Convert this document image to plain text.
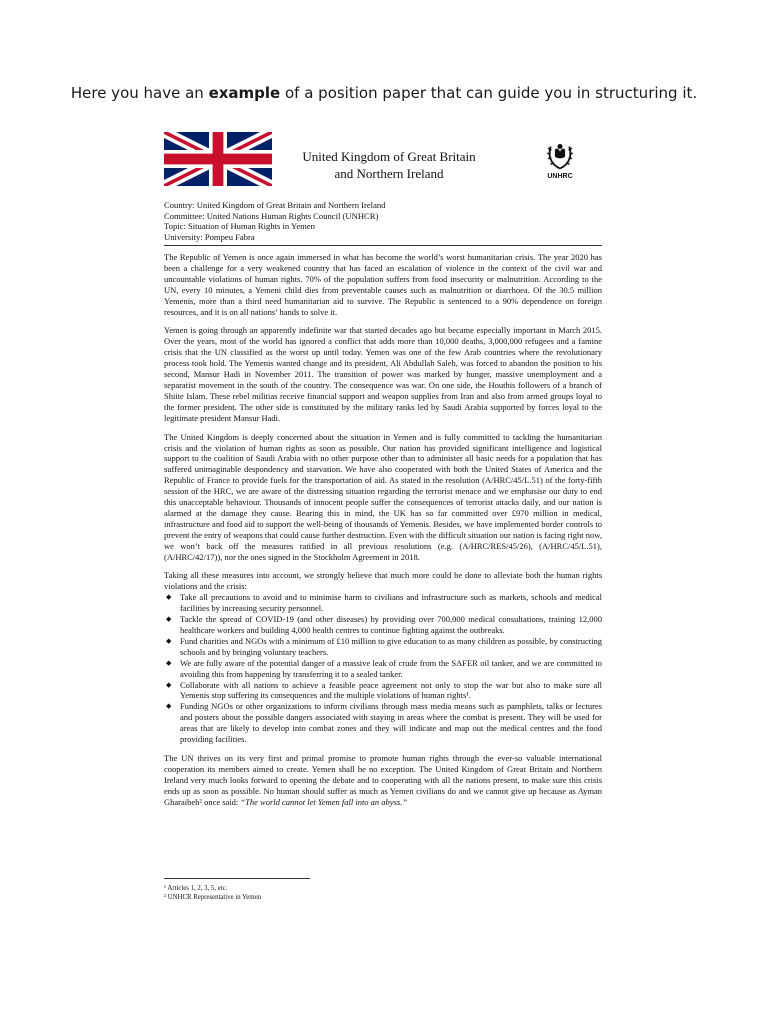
Here you have an example of a position paper that can guide you in structuring it.

United Kingdom of Great Britain
and Northern Ireland	UNHRC
Country: United Kingdom of Great Britain and Northern Ireland
Committee: United Nations Human Rights Council (UNHCR)
Topic: Situation of Human Rights in Yemen
University: Pompeu Fabra

The Republic of Yemen is once again immersed in what has become the world’s worst humanitarian crisis. The year 2020 has been a challenge for a very weakened country that has faced an escalation of violence in the context of the civil war and uncountable violations of human rights. 70% of the population suffers from food insecurity or malnutrition. According to the UN, every 10 minutes, a Yemeni child dies from preventable causes such as malnutrition or diarrhoea. Of the 30.5 million Yemenis, more than a third need humanitarian aid to survive. The Republic is sentenced to a 90% dependence on foreign resources, and it is on all nations’ hands to solve it.

Yemen is going through an apparently indefinite war that started decades ago but became especially important in March 2015. Over the years, most of the world has ignored a conflict that adds more than 10,000 deaths, 3,000,000 refugees and a famine crisis that the UN classified as the worst up until today. Yemen was one of the few Arab countries where the revolutionary process took hold. The Yemenis wanted change and its president, Ali Abdullah Saleh, was forced to abandon the position to his second, Mansur Hadi in November 2011. The transition of power was marked by hunger, massive unemployment and a separatist movement in the south of the country. The consequence was war. On one side, the Houthis followers of a branch of Shiite Islam. These rebel militias receive financial support and weapon supplies from Iran and also from armed groups loyal to the former president. The other side is constituted by the military ranks led by Saudi Arabia supported by forces loyal to the legitimate president Mansur Hadi.

The United Kingdom is deeply concerned about the situation in Yemen and is fully committed to tackling the humanitarian crisis and the violation of human rights as soon as possible. Our nation has provided significant intelligence and logistical support to the coalition of Saudi Arabia with no other purpose other than to administer all basic needs for a population that has suffered unimaginable despondency and starvation. We have also cooperated with both the United States of America and the Republic of France to provide fuels for the transportation of aid. As stated in the resolution (A/HRC/45/L.51) of the forty-fifth session of the HRC, we are aware of the distressing situation regarding the terrorist menace and we emphasise our duty to end this unacceptable behaviour. Thousands of innocent people suffer the consequences of terrorist attacks daily, and our nation is alarmed at the damage they cause. Bearing this in mind, the UK has so far committed over £970 million in medical, infrastructure and food aid to support the well-being of thousands of Yemenis. Besides, we have implemented border controls to prevent the entry of weapons that could cause further destruction. Even with the difficult situation our nation is facing right now, we won’t back off the measures ratified in all previous resolutions (e.g. (A/HRC/RES/45/26), (A/HRC/45/L.51), (A/HRC/42/17)), nor the ones signed in the Stockholm Agreement in 2018.

Taking all these measures into account, we strongly believe that much more could be done to alleviate both the human rights violations and the crisis:

◆ Take all precautions to avoid and to minimise harm to civilians and infrastructure such as markets, schools and medical facilities by increasing security personnel.
◆ Tackle the spread of COVID-19 (and other diseases) by providing over 700,000 medical consultations, training 12,000 healthcare workers and building 4,000 health centres to continue fighting against the outbreaks.
◆ Fund charities and NGOs with a minimum of £10 million to give education to as many children as possible, by constructing schools and by bringing voluntary teachers.
◆ We are fully aware of the potential danger of a massive leak of crude from the SAFER oil tanker, and we are committed to avoiding this from happening by transferring it to a sealed tanker.
◆ Collaborate with all nations to achieve a feasible peace agreement not only to stop the war but also to make sure all Yemenis stop suffering its consequences and the multiple violations of human rights¹.
◆ Funding NGOs or other organizations to inform civilians through mass media means such as pamphlets, talks or lectures and posters about the possible dangers associated with staying in areas where the combat is present. They will be used for areas that are likely to develop into combat zones and they will indicate and map out the medical centres and the food providing facilities.

The UN thrives on its very first and primal promise to promote human rights through the ever-so valuable international cooperation its members aimed to create. Yemen shall be no exception. The United Kingdom of Great Britain and Northern Ireland very much looks forward to opening the debate and to cooperating with all the nations present, to make sure this crisis ends up as soon as possible. No human should suffer as much as Yemen civilians do and we cannot give up because as Ayman Gharaibeh² once said: “The world cannot let Yemen fall into an abyss.”

¹ Articles 1, 2, 3, 5, etc.
² UNHCR Representative in Yemen
